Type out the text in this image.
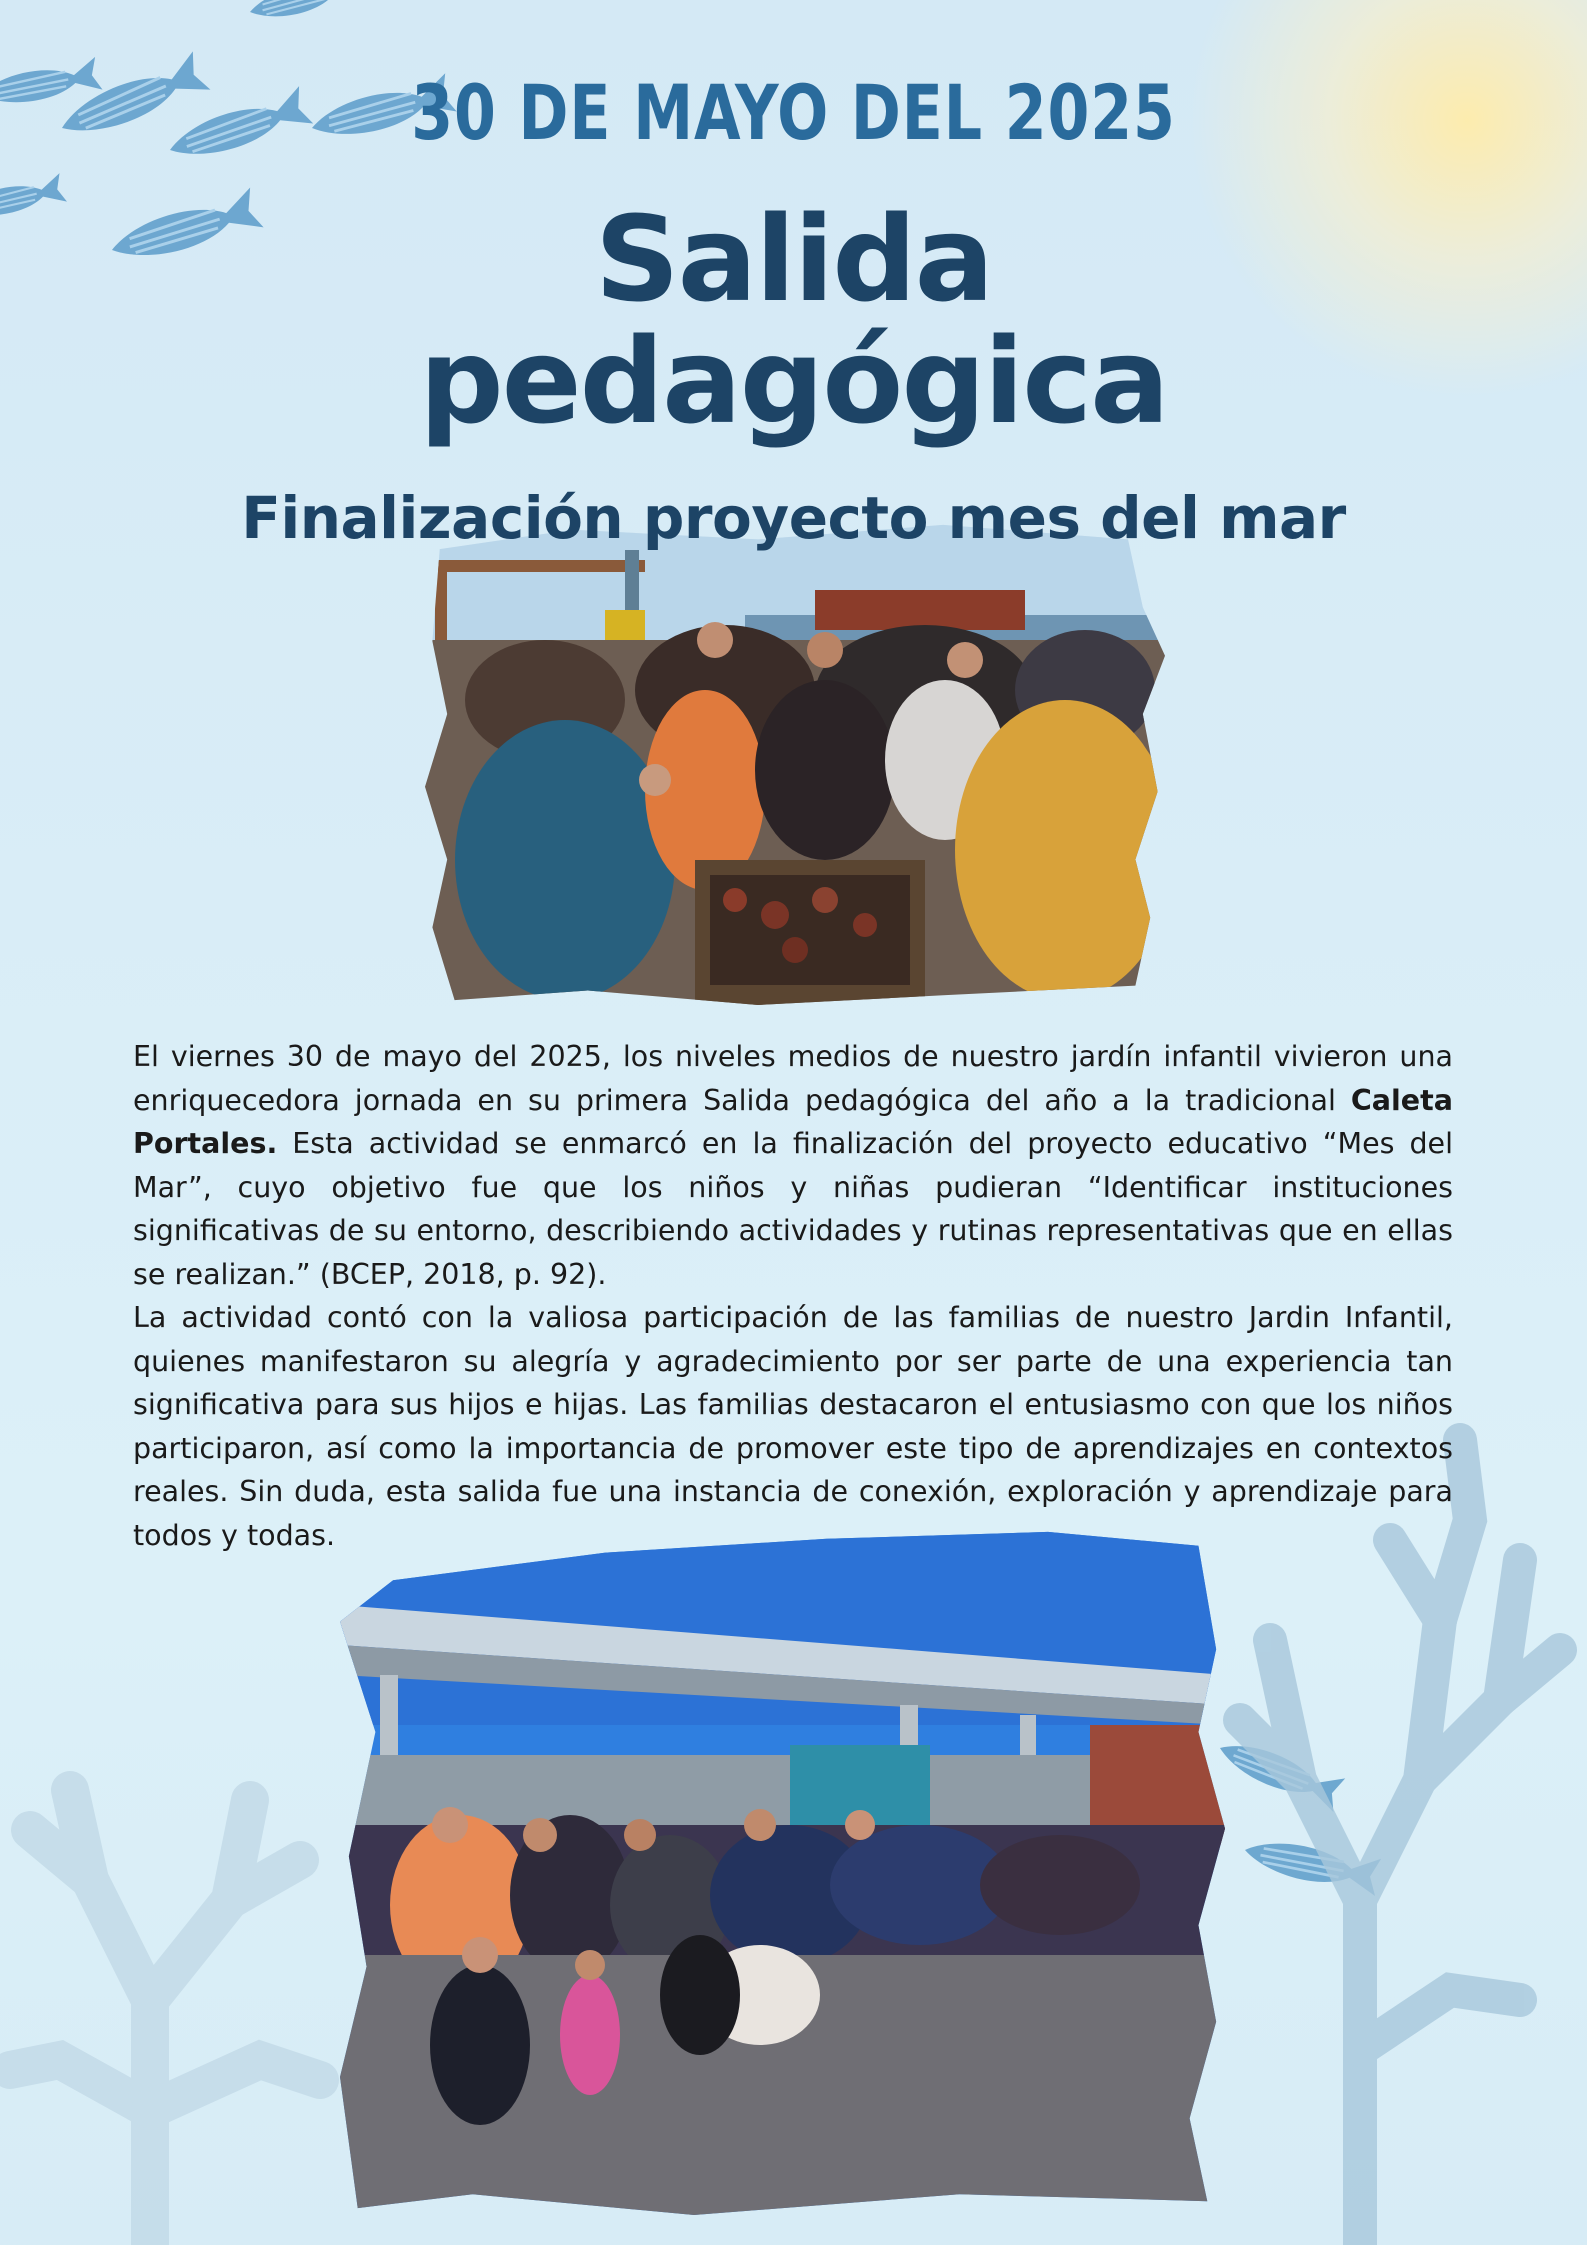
30 DE MAYO DEL 2025
Salida
pedagógica
Finalización proyecto mes del mar

El viernes 30 de mayo del 2025, los niveles medios de nuestro jardín infantil vivieron una enriquecedora jornada en su primera Salida pedagógica del año a la tradicional Caleta Portales. Esta actividad se enmarcó en la finalización del proyecto educativo “Mes del Mar”, cuyo objetivo fue que los niños y niñas pudieran “Identificar instituciones significativas de su entorno, describiendo actividades y rutinas representativas que en ellas se realizan.” (BCEP, 2018, p. 92).

La actividad contó con la valiosa participación de las familias de nuestro Jardin Infantil, quienes manifestaron su alegría y agradecimiento por ser parte de una experiencia tan significativa para sus hijos e hijas. Las familias destacaron el entusiasmo con que los niños participaron, así como la importancia de promover este tipo de aprendizajes en contextos reales. Sin duda, esta salida fue una instancia de conexión, exploración y aprendizaje para todos y todas.
